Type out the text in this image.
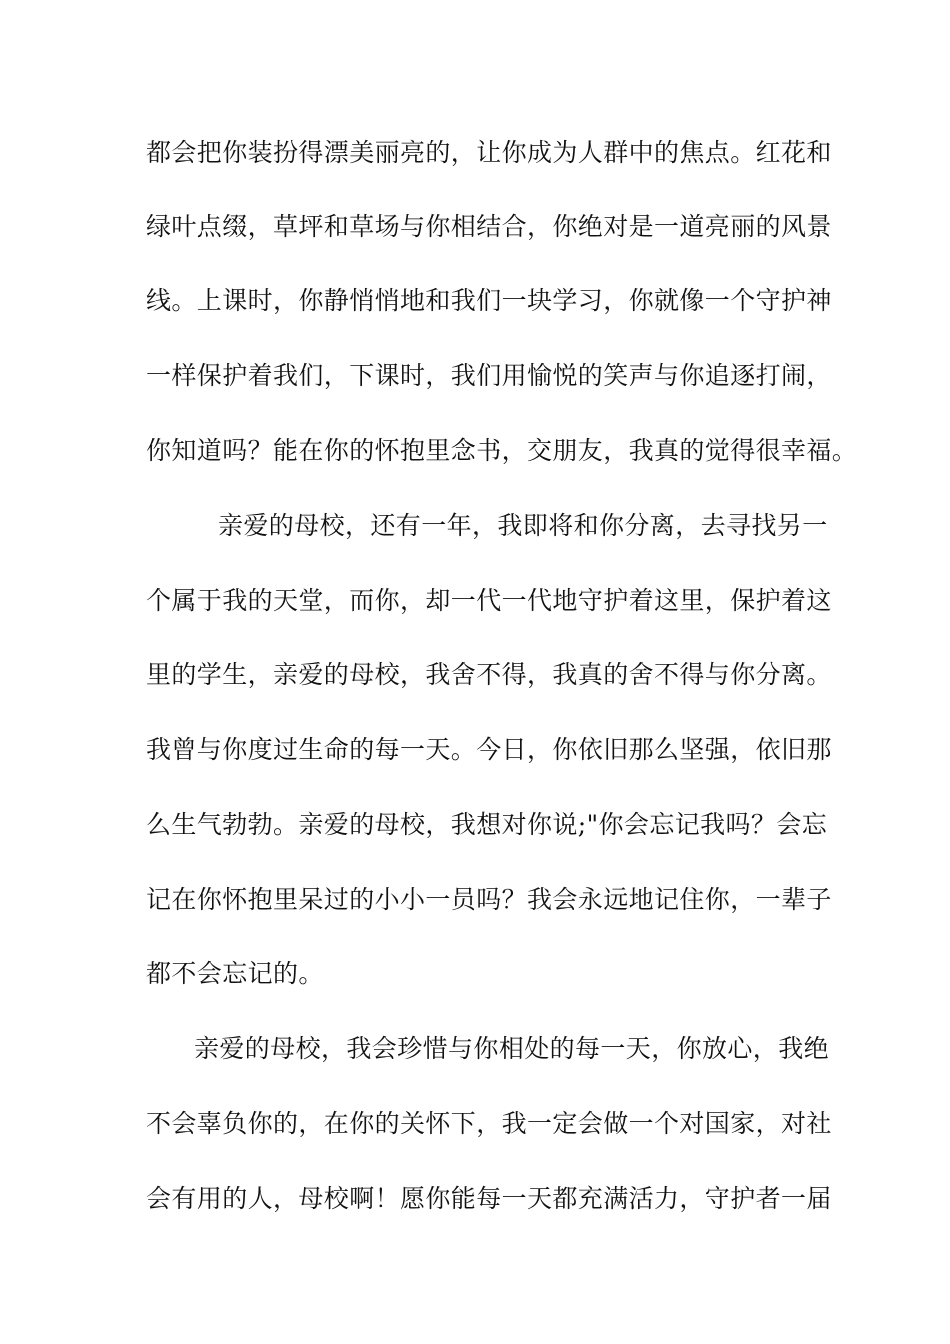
都会把你装扮得漂美丽亮的，让你成为人群中的焦点。红花和
绿叶点缀，草坪和草场与你相结合，你绝对是一道亮丽的风景
线。上课时，你静悄悄地和我们一块学习，你就像一个守护神
一样保护着我们，下课时，我们用愉悦的笑声与你追逐打闹，
你知道吗？能在你的怀抱里念书，交朋友，我真的觉得很幸福。
亲爱的母校，还有一年，我即将和你分离，去寻找另一
个属于我的天堂，而你，却一代一代地守护着这里，保护着这
里的学生，亲爱的母校，我舍不得，我真的舍不得与你分离。
我曾与你度过生命的每一天。今日，你依旧那么坚强，依旧那
么生气勃勃。亲爱的母校，我想对你说;"你会忘记我吗？会忘
记在你怀抱里呆过的小小一员吗？我会永远地记住你，一辈子
都不会忘记的。
亲爱的母校，我会珍惜与你相处的每一天，你放心，我绝
不会辜负你的，在你的关怀下，我一定会做一个对国家，对社
会有用的人，母校啊！愿你能每一天都充满活力，守护者一届
